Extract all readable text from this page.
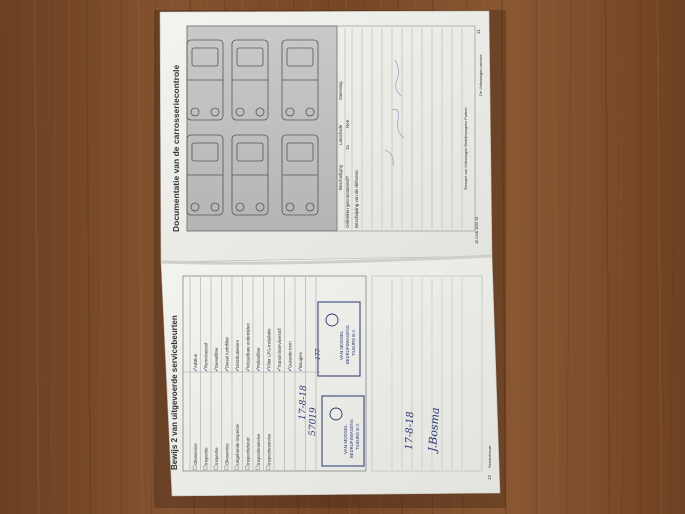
Documentatie van de carrosseriecontrole	Gebreken geconstateerd? Beschrijving van de defecten:
Ja
Nee
Beschadiging
Lakschade
Steenslag
Stempel van Volkswagen Bedrijfswagens Partner
2E.0.BB.1000.19
11
De Volkswagen-service
Bewijs 2 van uitgevoerde servicebeurten	Olieservice Inspectie Inspectie Olieservice Uitgebreide inspectie Inspectiebeurt Inspectieservice Inspectieservice
AdBlue
✓
Remvloeistof
✓
Dieselfilter
✓
Diesel luchtfilter
✓
Distributieriem
✓
Wisselbare onderdelen
✓
Pollenfilter
✓
Filter LPG-installatie
✓
Transmissievloeistof
✓
Getande riem
✓
Bougies
✓
VAN MOSSEL BEDRIJFSWAGENS TILBURG B.V.
VAN MOSSEL BEDRIJFSWAGENS TILBURG B.V.
17-8-18
57019
177
17-8-18 J.Bosma
12
Servicebeurt
